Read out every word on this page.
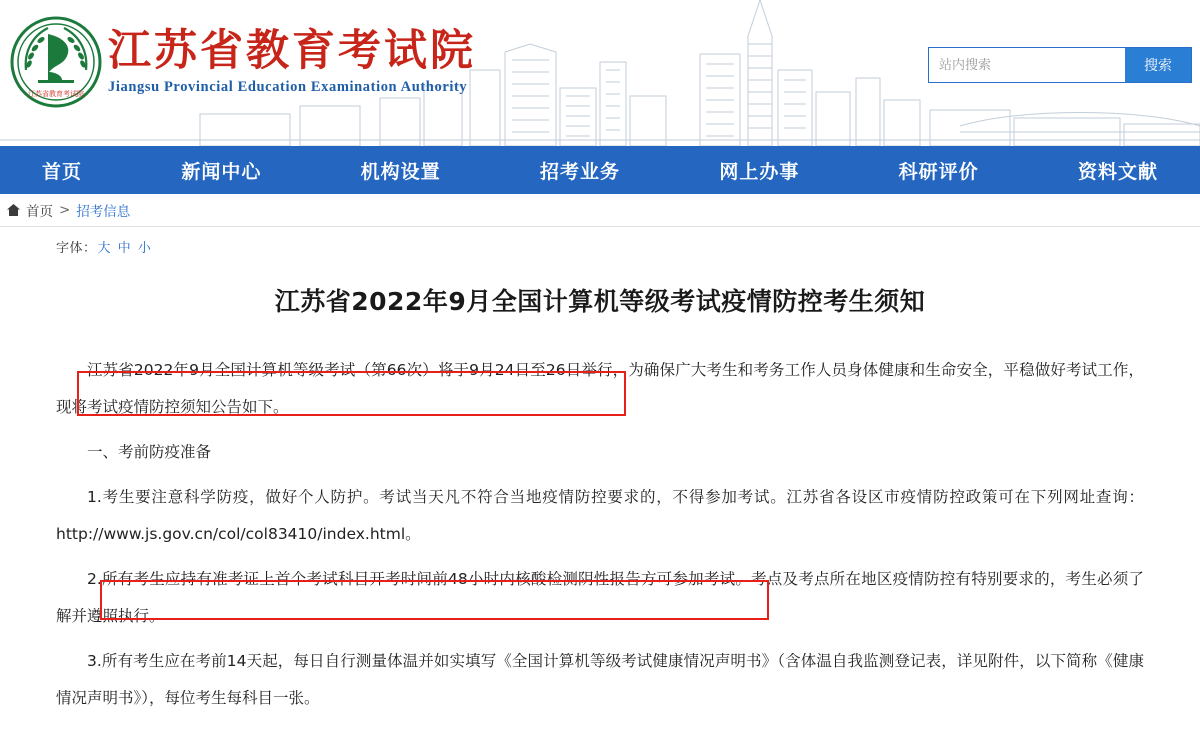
江苏省教育考试院
江苏省教育考试院
Jiangsu Provincial Education Examination Authority
站内搜索
搜索
首页	新闻中心	机构设置	招考业务	网上办事	科研评价	资料文献
首页 > 招考信息
字体：大 中 小
江苏省2022年9月全国计算机等级考试疫情防控考生须知

江苏省2022年9月全国计算机等级考试（第66次）将于9月24日至26日举行，为确保广大考生和考务工作人员身体健康和生命安全，平稳做好考试工作，现将考试疫情防控须知公告如下。

一、考前防疫准备

1.考生要注意科学防疫，做好个人防护。考试当天凡不符合当地疫情防控要求的，不得参加考试。江苏省各设区市疫情防控政策可在下列网址查询：http://www.js.gov.cn/col/col83410/index.html。

2.所有考生应持有准考证上首个考试科目开考时间前48小时内核酸检测阴性报告方可参加考试。考点及考点所在地区疫情防控有特别要求的，考生必须了解并遵照执行。

3.所有考生应在考前14天起，每日自行测量体温并如实填写《全国计算机等级考试健康情况声明书》（含体温自我监测登记表，详见附件，以下简称《健康情况声明书》），每位考生每科目一张。
